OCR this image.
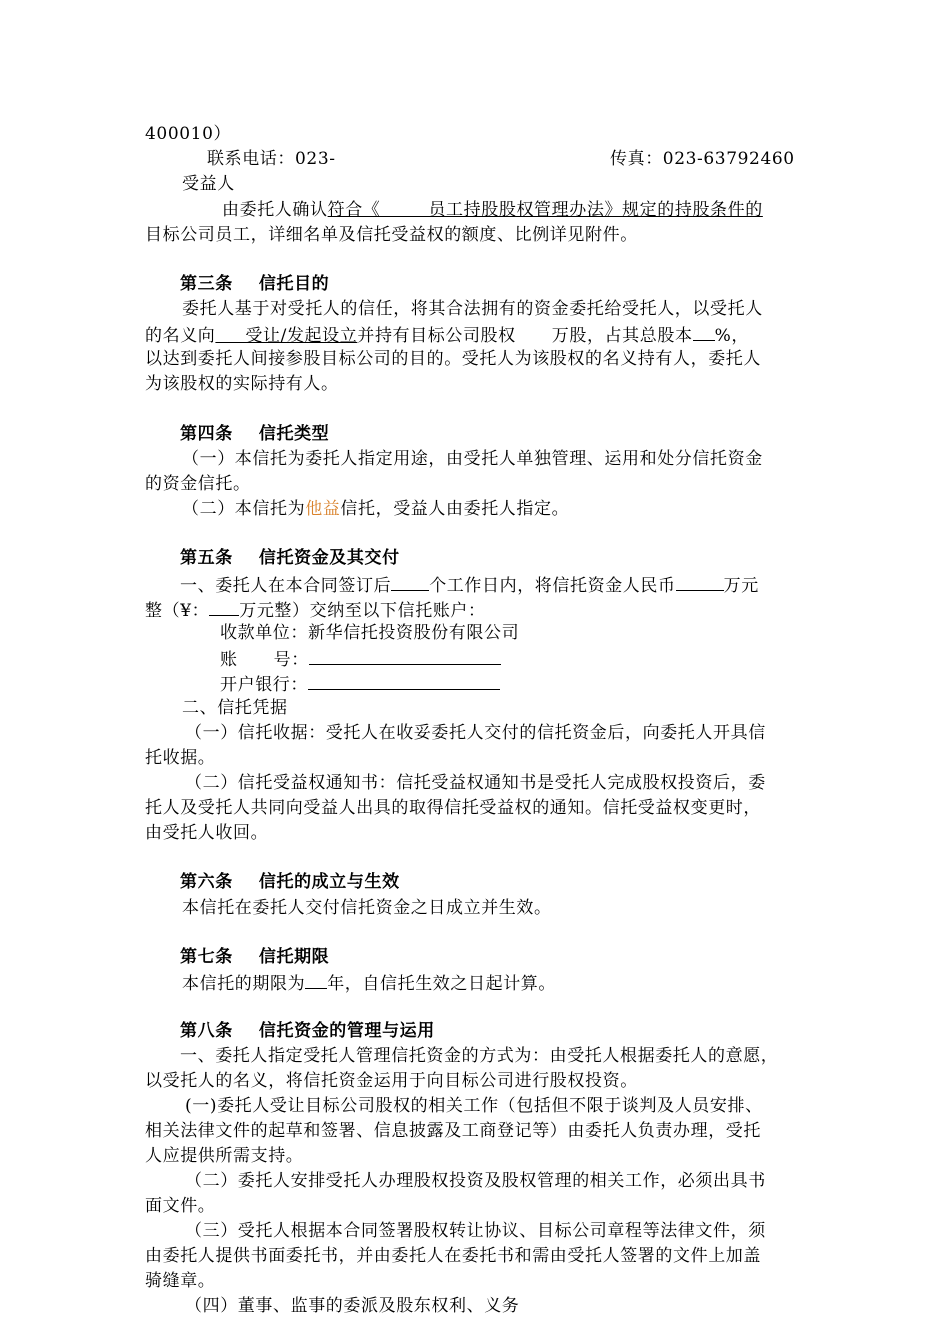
400010）
联系电话：023-	传真：023-63792460
受益人
由委托人确认符合《        员工持股股权管理办法》规定的持股条件的
目标公司员工，详细名单及信托受益权的额度、比例详见附件。
第三条    信托目的
委托人基于对受托人的信任，将其合法拥有的资金委托给受托人，以受托人
的名义向     受让/发起设立并持有目标公司股权      万股，占其总股本 %，
以达到委托人间接参股目标公司的目的。受托人为该股权的名义持有人，委托人
为该股权的实际持有人。
第四条    信托类型
（一）本信托为委托人指定用途，由受托人单独管理、运用和处分信托资金
的资金信托。
（二）本信托为他益信托，受益人由委托人指定。
第五条    信托资金及其交付
一、委托人在本合同签订后 个工作日内，将信托资金人民币	万元
整（¥： 万元整）交纳至以下信托账户：
收款单位：新华信托投资股份有限公司
账      号：
开户银行：
二、信托凭据
（一）信托收据：受托人在收妥委托人交付的信托资金后，向委托人开具信
托收据。
（二）信托受益权通知书：信托受益权通知书是受托人完成股权投资后，委
托人及受托人共同向受益人出具的取得信托受益权的通知。信托受益权变更时，
由受托人收回。
第六条    信托的成立与生效
本信托在委托人交付信托资金之日成立并生效。
第七条    信托期限
本信托的期限为 年，自信托生效之日起计算。
第八条    信托资金的管理与运用
一、委托人指定受托人管理信托资金的方式为：由受托人根据委托人的意愿，
以受托人的名义，将信托资金运用于向目标公司进行股权投资。
(一)委托人受让目标公司股权的相关工作（包括但不限于谈判及人员安排、
相关法律文件的起草和签署、信息披露及工商登记等）由委托人负责办理，受托
人应提供所需支持。
（二）委托人安排受托人办理股权投资及股权管理的相关工作，必须出具书
面文件。
（三）受托人根据本合同签署股权转让协议、目标公司章程等法律文件，须
由委托人提供书面委托书，并由委托人在委托书和需由受托人签署的文件上加盖
骑缝章。
（四）董事、监事的委派及股东权利、义务
